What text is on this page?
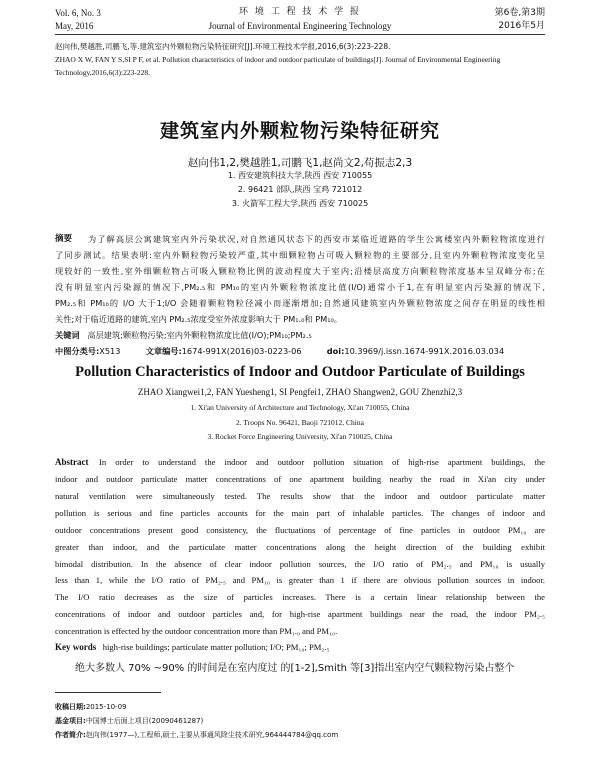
Vol. 6, No. 3
May, 2016
环 境 工 程 技 术 学 报
Journal of Environmental Engineering Technology
第6卷,第3期
2016年5月
赵向伟,樊越胜,司鹏飞,等.建筑室内外颗粒物污染特征研究[J].环境工程技术学报,2016,6(3):223-228.
ZHAO X W, FAN Y S,SI P F, et al. Pollution characteristics of indoor and outdoor particulate of buildings[J]. Journal of Environmental Engineering
Technology,2016,6(3):223-228.
建筑室内外颗粒物污染特征研究
赵向伟1,2,樊越胜1,司鹏飞1,赵尚文2,苟振志2,3
1. 西安建筑科技大学,陕西 西安 710055
2. 96421 部队,陕西 宝鸡 721012
3. 火箭军工程大学,陕西 西安 710025
摘要 为了解高层公寓建筑室内外污染状况,对自然通风状态下的西安市某临近道路的学生公寓楼室内外颗粒物浓度进行
了同步测试。结果表明:室内外颗粒物污染较严重,其中细颗粒物占可吸入颗粒物的主要部分,且室内外颗粒物浓度变化呈
现较好的一致性,室外细颗粒物占可吸入颗粒物比例的波动程度大于室内;沿楼层高度方向颗粒物浓度基本呈双峰分布;在
没有明显室内污染源的情况下,PM₂.₅和 PM₁₀的室内外颗粒物浓度比值(I/O)通常小于1,在有明显室内污染源的情况下,
PM₂.₅和 PM₁₀的 I/O 大于1;I/O 会随着颗粒物粒径减小而逐渐增加;自然通风建筑室内外颗粒物浓度之间存在明显的线性相
关性;对于临近道路的建筑,室内 PM₂.₅浓度受室外浓度影响大于 PM₁.₀和 PM₁₀。
关键词 高层建筑;颗粒物污染;室内外颗粒物浓度比值(I/O);PM₁₀;PM₂.₅
中图分类号:X513	文章编号:1674-991X(2016)03-0223-06	doi:10.3969/j.issn.1674-991X.2016.03.034
Pollution Characteristics of Indoor and Outdoor Particulate of Buildings
ZHAO Xiangwei1,2, FAN Yuesheng1, SI Pengfei1, ZHAO Shangwen2, GOU Zhenzhi2,3
1. Xi'an University of Architecture and Technology, Xi'an 710055, China
2. Troops No. 96421, Baoji 721012, China
3. Rocket Force Engineering University, Xi'an 710025, China
Abstract In order to understand the indoor and outdoor pollution situation of high-rise apartment buildings, the
indoor and outdoor particulate matter concentrations of one apartment building nearby the road in Xi'an city under
natural ventilation were simultaneously tested. The results show that the indoor and outdoor particulate matter
pollution is serious and fine particles accounts for the main part of inhalable particles. The changes of indoor and
outdoor concentrations present good consistency, the fluctuations of percentage of fine particles in outdoor PM₁₀ are
greater than indoor, and the particulate matter concentrations along the height direction of the building exhibit
bimodal distribution. In the absence of clear indoor pollution sources, the I/O ratio of PM₂.₅ and PM₁₀ is usually
less than 1, while the I/O ratio of PM₂.₅ and PM₁₀ is greater than 1 if there are obvious pollution sources in indoor.
The I/O ratio decreases as the size of particles increases. There is a certain linear relationship between the
concentrations of indoor and outdoor particles and, for high-rise apartment buildings near the road, the indoor PM₂.₅
concentration is effected by the outdoor concentration more than PM₁.₀ and PM₁₀.
Key words high-rise buildings; particulate matter pollution; I/O; PM₁₀; PM₂.₅
绝大多数人 70% ~90% 的时间是在室内度过 的[1-2],Smith 等[3]指出室内空气颗粒物污染占整个
收稿日期:2015-10-09
基金项目:中国博士后面上项目(20090461287)
作者简介:赵向伟(1977—),工程师,硕士,主要从事通风除尘技术研究,964444784@qq.com
